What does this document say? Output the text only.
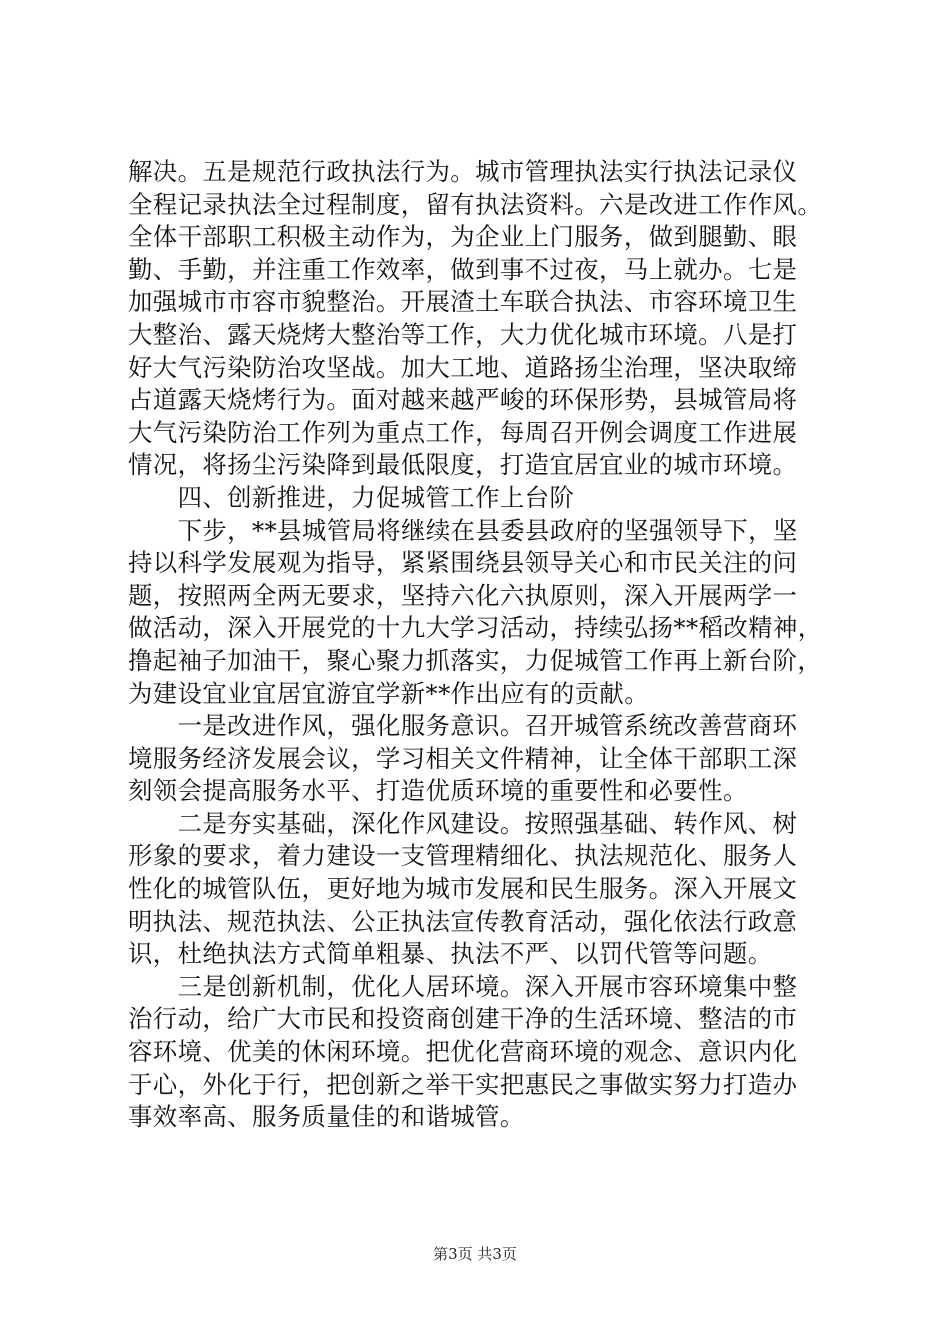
解决。五是规范行政执法行为。城市管理执法实行执法记录仪
全程记录执法全过程制度，留有执法资料。六是改进工作作风。
全体干部职工积极主动作为，为企业上门服务，做到腿勤、眼
勤、手勤，并注重工作效率，做到事不过夜，马上就办。七是
加强城市市容市貌整治。开展渣土车联合执法、市容环境卫生
大整治、露天烧烤大整治等工作，大力优化城市环境。八是打
好大气污染防治攻坚战。加大工地、道路扬尘治理，坚决取缔
占道露天烧烤行为。面对越来越严峻的环保形势，县城管局将
大气污染防治工作列为重点工作，每周召开例会调度工作进展
情况，将扬尘污染降到最低限度，打造宜居宜业的城市环境。
　　四、创新推进，力促城管工作上台阶
　　下步，**县城管局将继续在县委县政府的坚强领导下，坚
持以科学发展观为指导，紧紧围绕县领导关心和市民关注的问
题，按照两全两无要求，坚持六化六执原则，深入开展两学一
做活动，深入开展党的十九大学习活动，持续弘扬**稻改精神，
撸起袖子加油干，聚心聚力抓落实，力促城管工作再上新台阶，
为建设宜业宜居宜游宜学新**作出应有的贡献。
　　一是改进作风，强化服务意识。召开城管系统改善营商环
境服务经济发展会议，学习相关文件精神，让全体干部职工深
刻领会提高服务水平、打造优质环境的重要性和必要性。
　　二是夯实基础，深化作风建设。按照强基础、转作风、树
形象的要求，着力建设一支管理精细化、执法规范化、服务人
性化的城管队伍，更好地为城市发展和民生服务。深入开展文
明执法、规范执法、公正执法宣传教育活动，强化依法行政意
识，杜绝执法方式简单粗暴、执法不严、以罚代管等问题。
　　三是创新机制，优化人居环境。深入开展市容环境集中整
治行动，给广大市民和投资商创建干净的生活环境、整洁的市
容环境、优美的休闲环境。把优化营商环境的观念、意识内化
于心，外化于行，把创新之举干实把惠民之事做实努力打造办
事效率高、服务质量佳的和谐城管。
第3页 共3页
